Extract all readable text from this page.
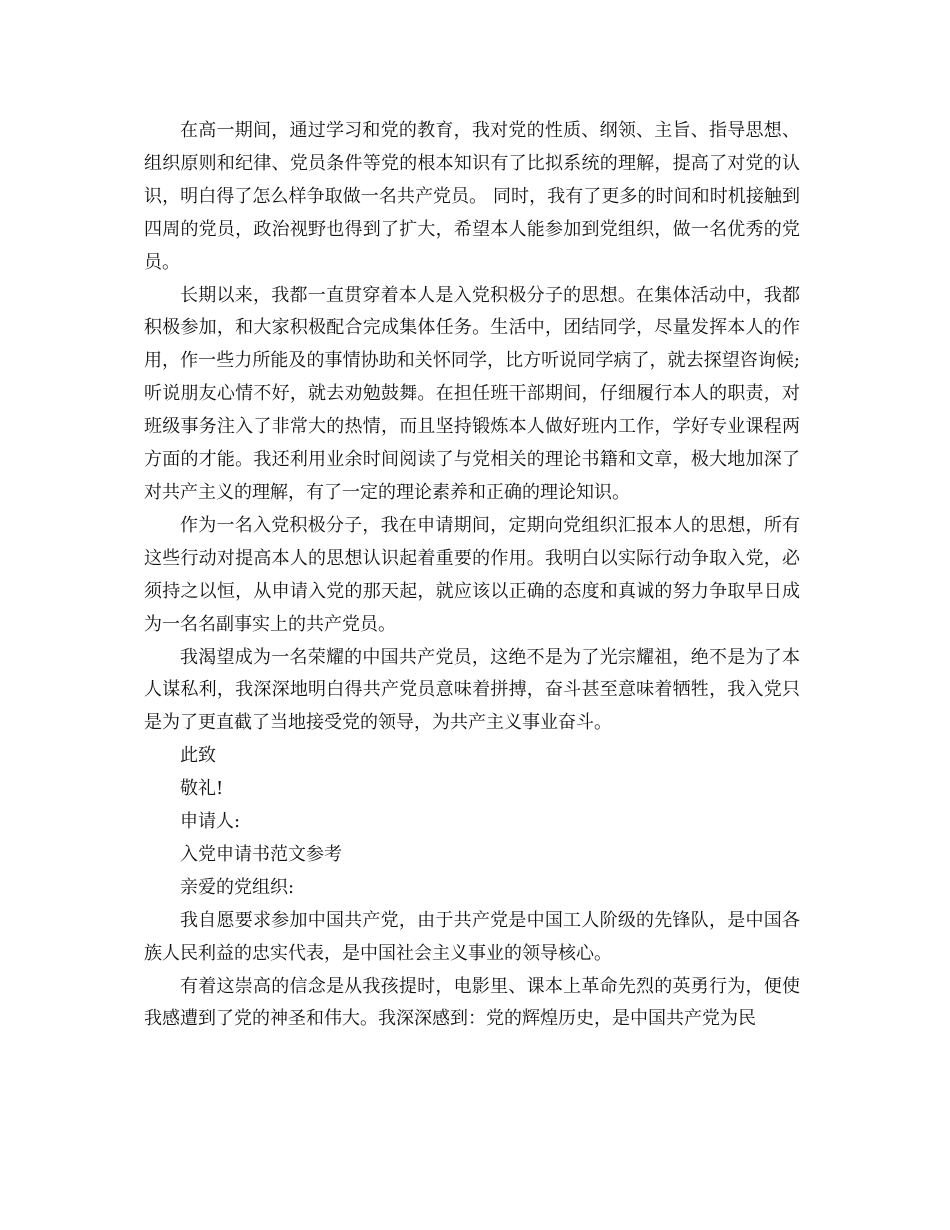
在高一期间，通过学习和党的教育，我对党的性质、纲领、主旨、指导思想、组织原则和纪律、党员条件等党的根本知识有了比拟系统的理解，提高了对党的认识，明白得了怎么样争取做一名共产党员。 同时，我有了更多的时间和时机接触到四周的党员，政治视野也得到了扩大，希望本人能参加到党组织，做一名优秀的党员。

长期以来，我都一直贯穿着本人是入党积极分子的思想。在集体活动中，我都积极参加，和大家积极配合完成集体任务。生活中，团结同学，尽量发挥本人的作用，作一些力所能及的事情协助和关怀同学，比方听说同学病了，就去探望咨询候;听说朋友心情不好，就去劝勉鼓舞。在担任班干部期间，仔细履行本人的职责，对班级事务注入了非常大的热情，而且坚持锻炼本人做好班内工作，学好专业课程两方面的才能。我还利用业余时间阅读了与党相关的理论书籍和文章，极大地加深了对共产主义的理解，有了一定的理论素养和正确的理论知识。

作为一名入党积极分子，我在申请期间，定期向党组织汇报本人的思想，所有这些行动对提高本人的思想认识起着重要的作用。我明白以实际行动争取入党，必须持之以恒，从申请入党的那天起，就应该以正确的态度和真诚的努力争取早日成为一名名副事实上的共产党员。

我渴望成为一名荣耀的中国共产党员，这绝不是为了光宗耀祖，绝不是为了本人谋私利，我深深地明白得共产党员意味着拼搏，奋斗甚至意味着牺牲，我入党只是为了更直截了当地接受党的领导，为共产主义事业奋斗。

此致

敬礼!

申请人:

入党申请书范文参考

亲爱的党组织:

我自愿要求参加中国共产党，由于共产党是中国工人阶级的先锋队，是中国各族人民利益的忠实代表，是中国社会主义事业的领导核心。

有着这崇高的信念是从我孩提时，电影里、课本上革命先烈的英勇行为，便使我感遭到了党的神圣和伟大。我深深感到：党的辉煌历史，是中国共产党为民
